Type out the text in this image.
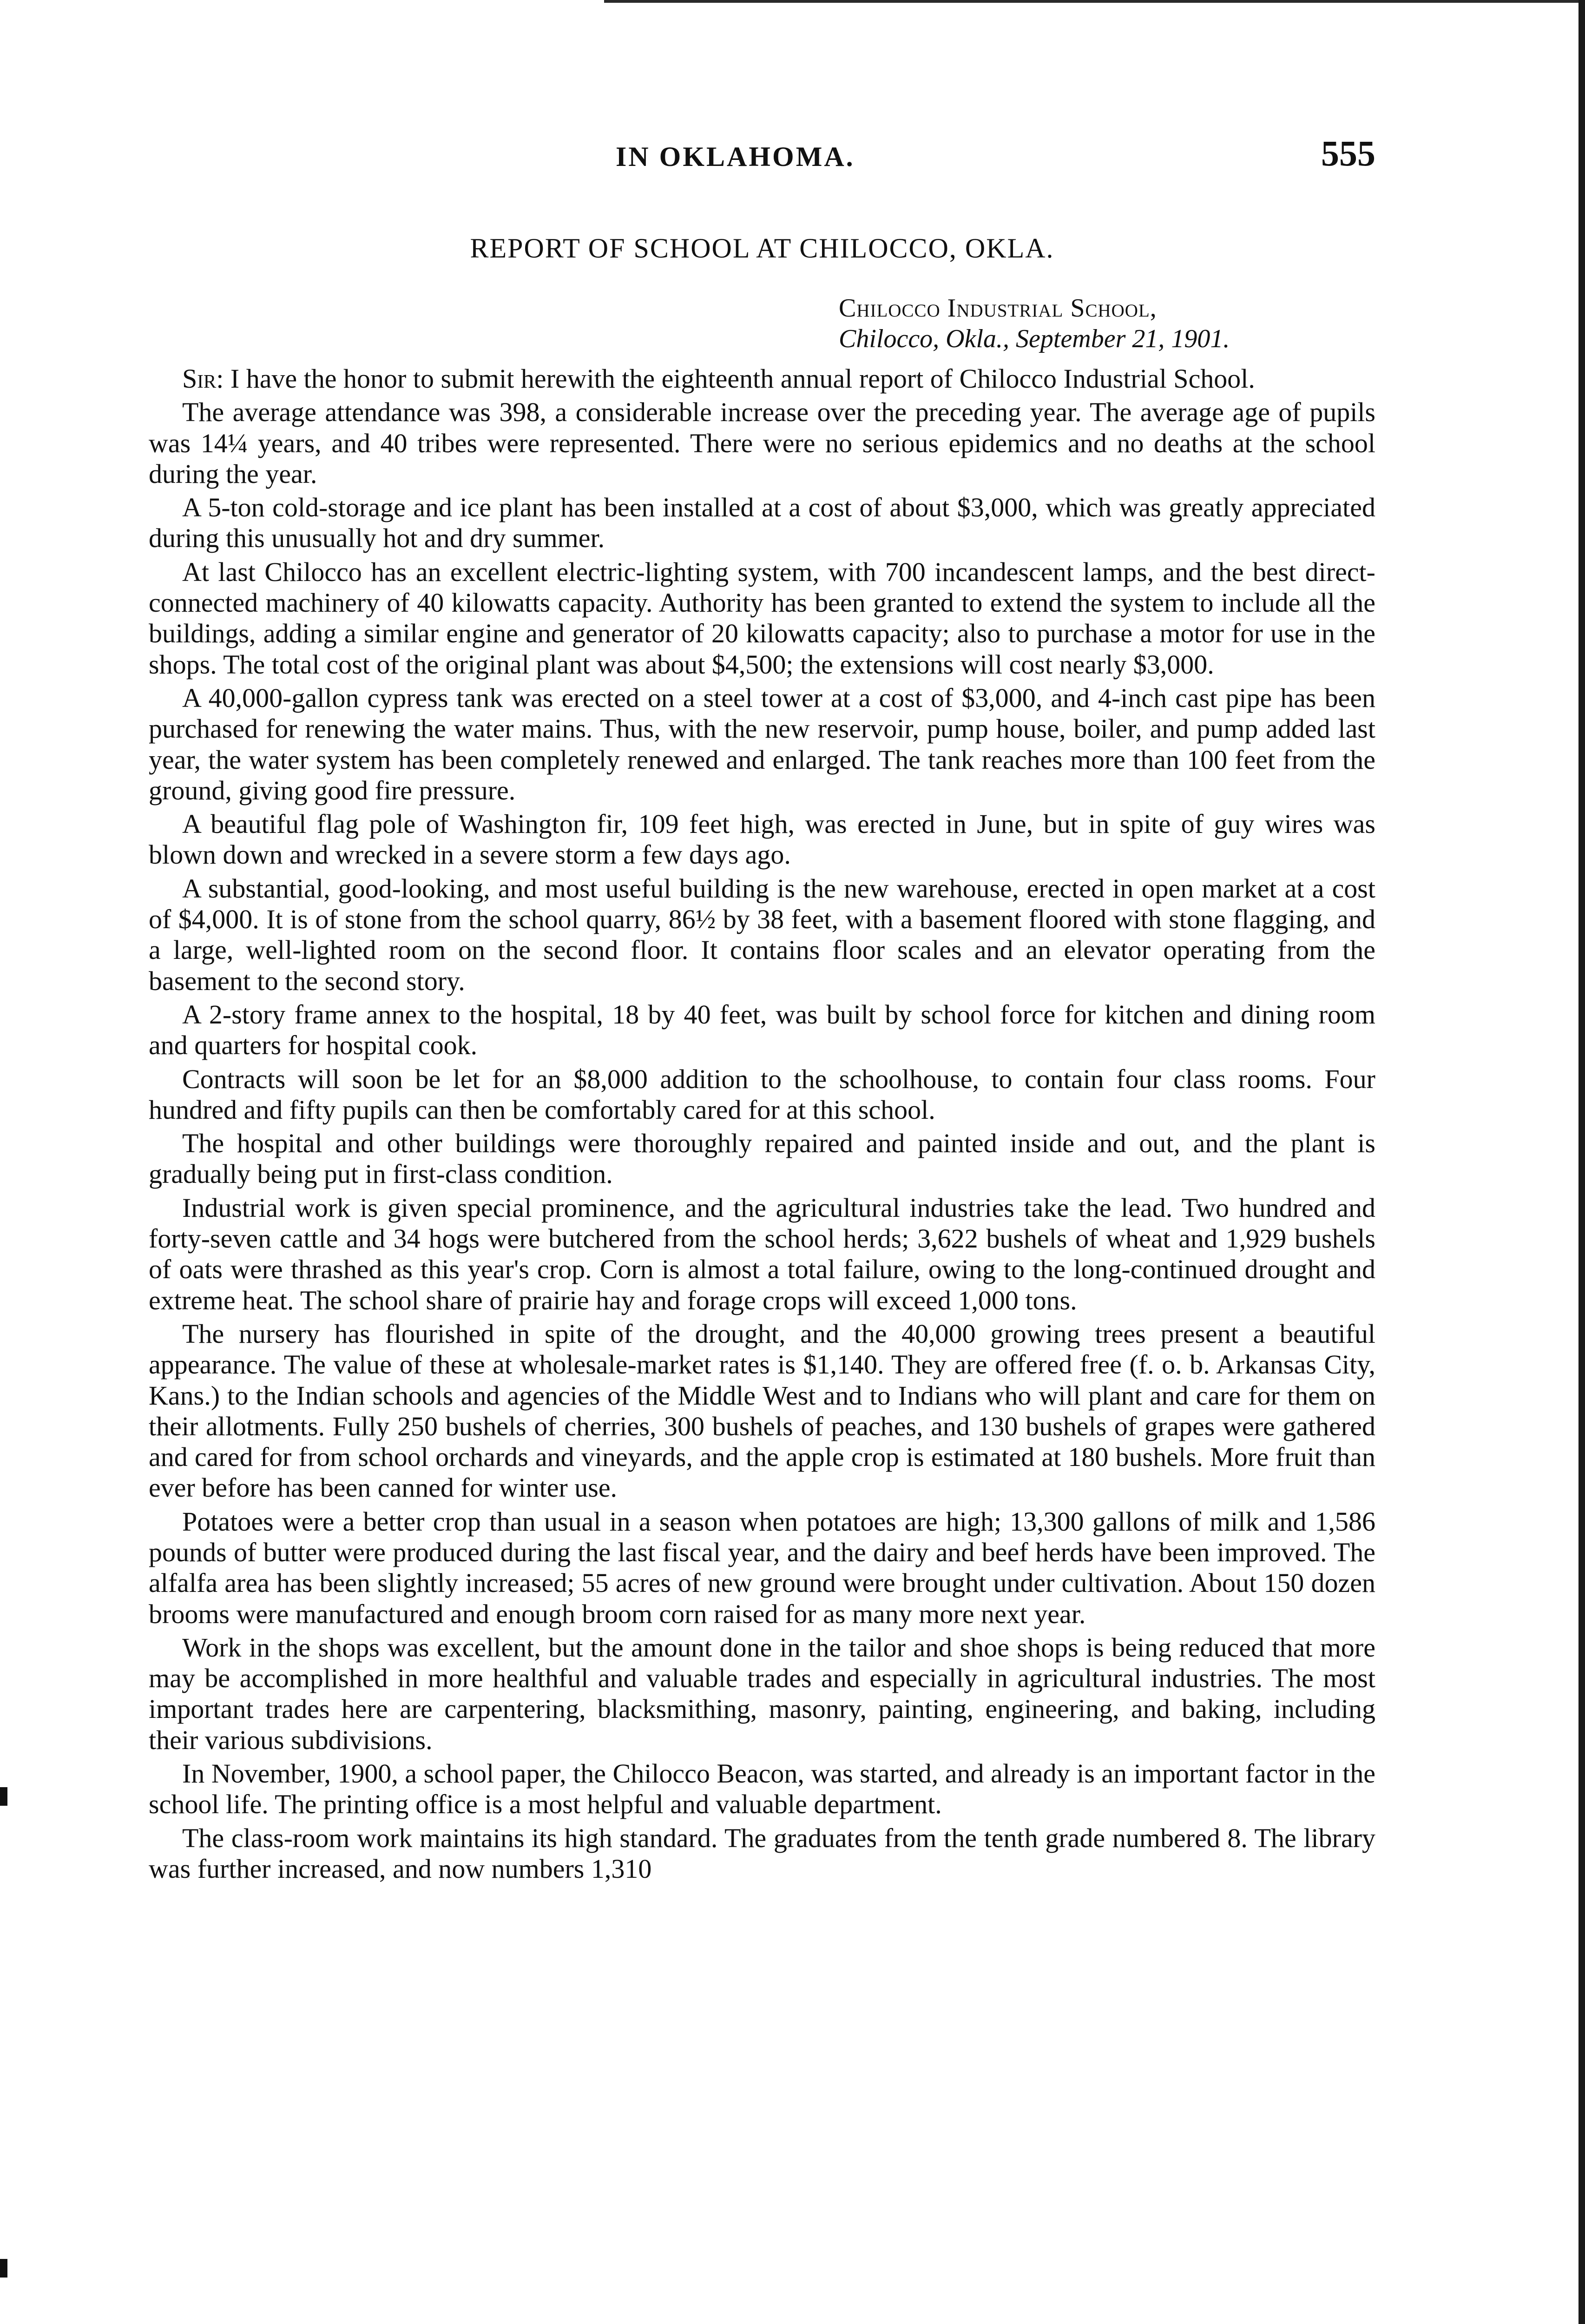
IN OKLAHOMA.	555
REPORT OF SCHOOL AT CHILOCCO, OKLA.
Chilocco Industrial School,
Chilocco, Okla., September 21, 1901.

Sir: I have the honor to submit herewith the eighteenth annual report of Chilocco Industrial School.

The average attendance was 398, a considerable increase over the preceding year. The average age of pupils was 14¼ years, and 40 tribes were represented. There were no serious epidemics and no deaths at the school during the year.

A 5-ton cold-storage and ice plant has been installed at a cost of about $3,000, which was greatly appreciated during this unusually hot and dry summer.

At last Chilocco has an excellent electric-lighting system, with 700 incandescent lamps, and the best direct-connected machinery of 40 kilowatts capacity. Authority has been granted to extend the system to include all the buildings, adding a similar engine and generator of 20 kilowatts capacity; also to purchase a motor for use in the shops. The total cost of the original plant was about $4,500; the extensions will cost nearly $3,000.

A 40,000-gallon cypress tank was erected on a steel tower at a cost of $3,000, and 4-inch cast pipe has been purchased for renewing the water mains. Thus, with the new reservoir, pump house, boiler, and pump added last year, the water system has been completely renewed and enlarged. The tank reaches more than 100 feet from the ground, giving good fire pressure.

A beautiful flag pole of Washington fir, 109 feet high, was erected in June, but in spite of guy wires was blown down and wrecked in a severe storm a few days ago.

A substantial, good-looking, and most useful building is the new warehouse, erected in open market at a cost of $4,000. It is of stone from the school quarry, 86½ by 38 feet, with a basement floored with stone flagging, and a large, well-lighted room on the second floor. It contains floor scales and an elevator operating from the basement to the second story.

A 2-story frame annex to the hospital, 18 by 40 feet, was built by school force for kitchen and dining room and quarters for hospital cook.

Contracts will soon be let for an $8,000 addition to the schoolhouse, to contain four class rooms. Four hundred and fifty pupils can then be comfortably cared for at this school.

The hospital and other buildings were thoroughly repaired and painted inside and out, and the plant is gradually being put in first-class condition.

Industrial work is given special prominence, and the agricultural industries take the lead. Two hundred and forty-seven cattle and 34 hogs were butchered from the school herds; 3,622 bushels of wheat and 1,929 bushels of oats were thrashed as this year's crop. Corn is almost a total failure, owing to the long-continued drought and extreme heat. The school share of prairie hay and forage crops will exceed 1,000 tons.

The nursery has flourished in spite of the drought, and the 40,000 growing trees present a beautiful appearance. The value of these at wholesale-market rates is $1,140. They are offered free (f. o. b. Arkansas City, Kans.) to the Indian schools and agencies of the Middle West and to Indians who will plant and care for them on their allotments. Fully 250 bushels of cherries, 300 bushels of peaches, and 130 bushels of grapes were gathered and cared for from school orchards and vineyards, and the apple crop is estimated at 180 bushels. More fruit than ever before has been canned for winter use.

Potatoes were a better crop than usual in a season when potatoes are high; 13,300 gallons of milk and 1,586 pounds of butter were produced during the last fiscal year, and the dairy and beef herds have been improved. The alfalfa area has been slightly increased; 55 acres of new ground were brought under cultivation. About 150 dozen brooms were manufactured and enough broom corn raised for as many more next year.

Work in the shops was excellent, but the amount done in the tailor and shoe shops is being reduced that more may be accomplished in more healthful and valuable trades and especially in agricultural industries. The most important trades here are carpentering, blacksmithing, masonry, painting, engineering, and baking, including their various subdivisions.

In November, 1900, a school paper, the Chilocco Beacon, was started, and already is an important factor in the school life. The printing office is a most helpful and valuable department.

The class-room work maintains its high standard. The graduates from the tenth grade numbered 8. The library was further increased, and now numbers 1,310
